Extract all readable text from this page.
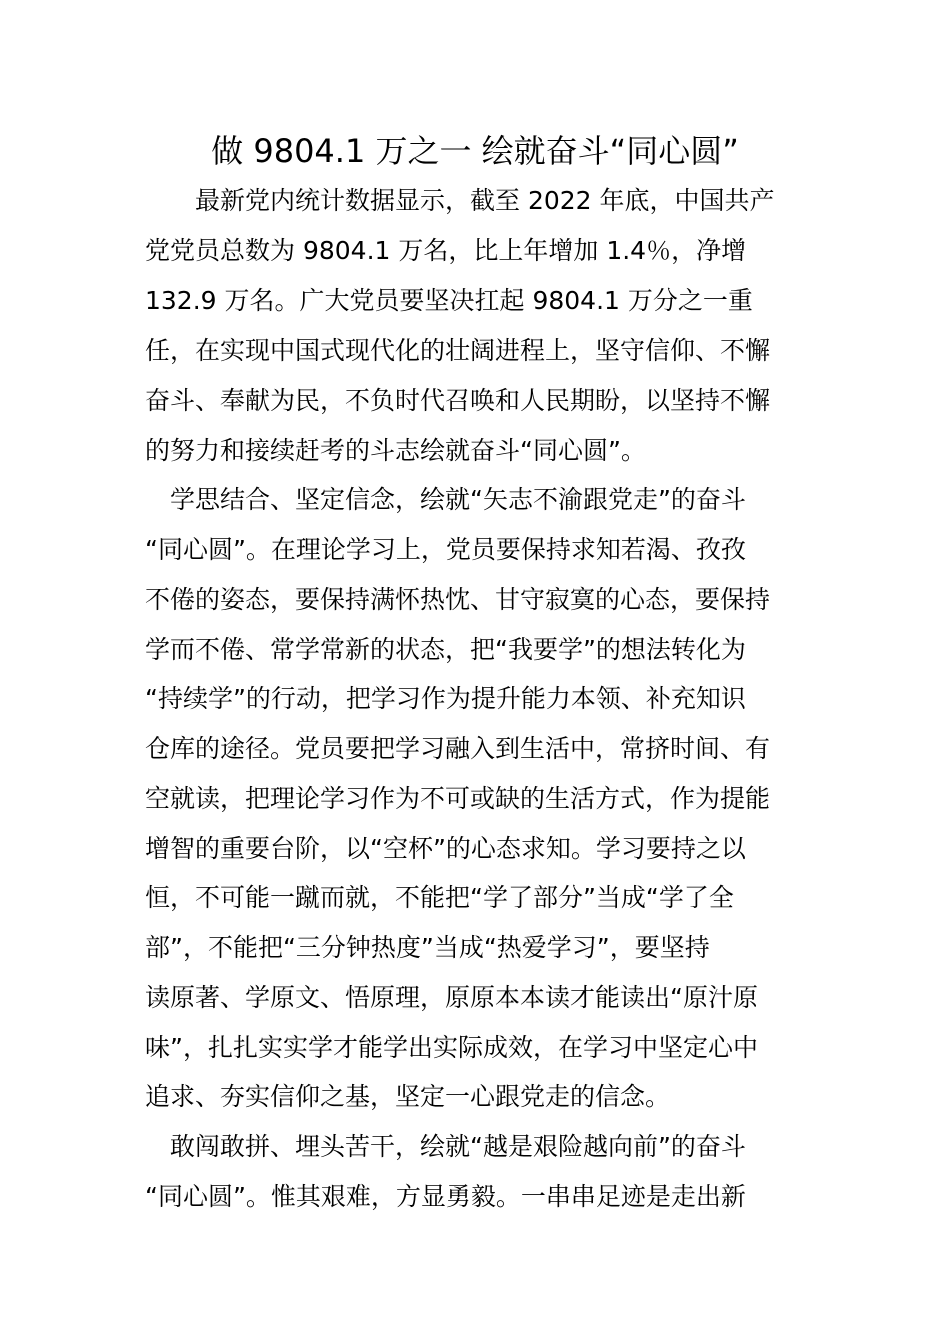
做 9804.1 万之一 绘就奋斗“同心圆”
　　最新党内统计数据显示，截至 2022 年底，中国共产
党党员总数为 9804.1 万名，比上年增加 1.4％，净增
132.9 万名。广大党员要坚决扛起 9804.1 万分之一重
任，在实现中国式现代化的壮阔进程上，坚守信仰、不懈
奋斗、奉献为民，不负时代召唤和人民期盼，以坚持不懈
的努力和接续赶考的斗志绘就奋斗“同心圆”。
　学思结合、坚定信念，绘就“矢志不渝跟党走”的奋斗
“同心圆”。在理论学习上，党员要保持求知若渴、孜孜
不倦的姿态，要保持满怀热忱、甘守寂寞的心态，要保持
学而不倦、常学常新的状态，把“我要学”的想法转化为
“持续学”的行动，把学习作为提升能力本领、补充知识
仓库的途径。党员要把学习融入到生活中，常挤时间、有
空就读，把理论学习作为不可或缺的生活方式，作为提能
增智的重要台阶，以“空杯”的心态求知。学习要持之以
恒，不可能一蹴而就，不能把“学了部分”当成“学了全
部”，不能把“三分钟热度”当成“热爱学习”，要坚持
读原著、学原文、悟原理，原原本本读才能读出“原汁原
味”，扎扎实实学才能学出实际成效，在学习中坚定心中
追求、夯实信仰之基，坚定一心跟党走的信念。
　敢闯敢拼、埋头苦干，绘就“越是艰险越向前”的奋斗
“同心圆”。惟其艰难，方显勇毅。一串串足迹是走出新
